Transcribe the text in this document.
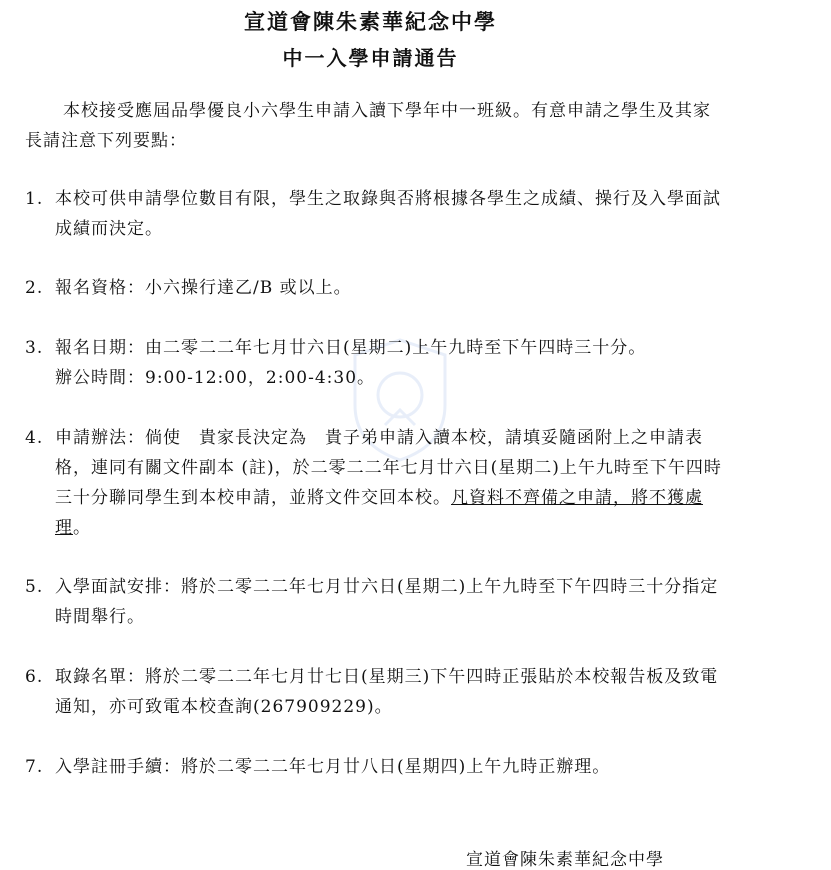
宣道會陳朱素華紀念中學
中一入學申請通告
本校接受應屆品學優良小六學生申請入讀下學年中一班級。有意申請之學生及其家長請注意下列要點：
1. 本校可供申請學位數目有限，學生之取錄與否將根據各學生之成績、操行及入學面試成績而決定。
2. 報名資格：小六操行達乙/B 或以上。
3. 報名日期：由二零二二年七月廿六日(星期二)上午九時至下午四時三十分。
辦公時間：9:00-12:00，2:00-4:30。
4. 申請辦法：倘使　貴家長決定為　貴子弟申請入讀本校，請填妥隨函附上之申請表格，連同有關文件副本 (註)，於二零二二年七月廿六日(星期二)上午九時至下午四時三十分聯同學生到本校申請，並將文件交回本校。凡資料不齊備之申請，將不獲處理。
5. 入學面試安排：將於二零二二年七月廿六日(星期二)上午九時至下午四時三十分指定時間舉行。
6. 取錄名單：將於二零二二年七月廿七日(星期三)下午四時正張貼於本校報告板及致電通知，亦可致電本校查詢(267909229)。
7. 入學註冊手續：將於二零二二年七月廿八日(星期四)上午九時正辦理。
宣道會陳朱素華紀念中學
